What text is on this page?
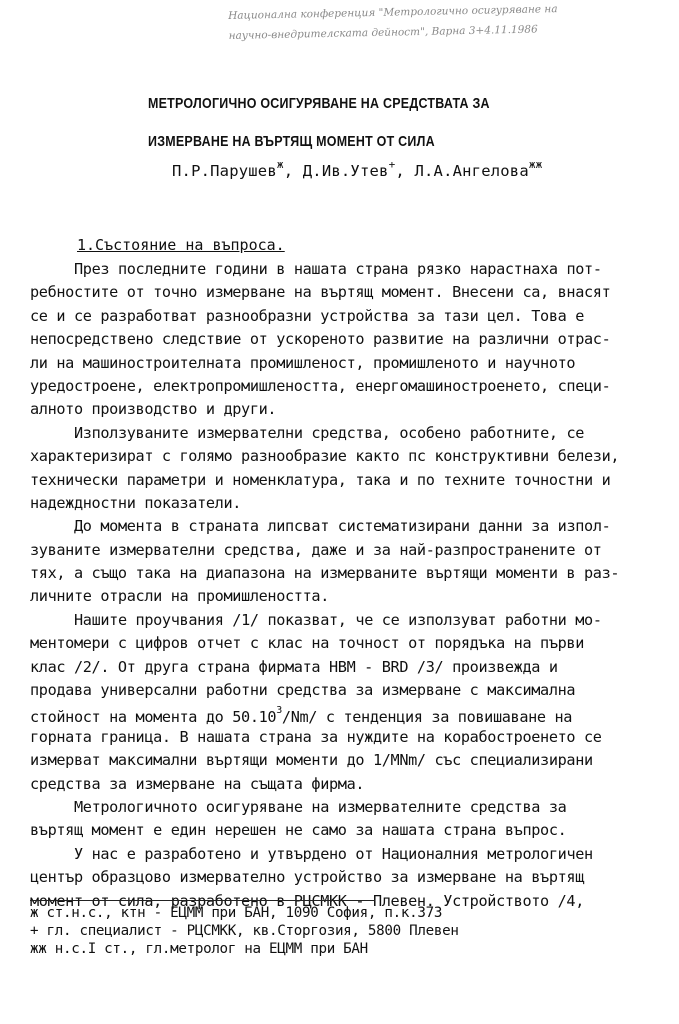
Национална конференция "Метрологично осигуряване на
научно-внедрителската дейност", Варна 3+4.11.1986
МЕТРОЛОГИЧНО ОСИГУРЯВАНЕ НА СРЕДСТВАТА ЗА
ИЗМЕРВАНЕ НА ВЪРТЯЩ МОМЕНТ ОТ СИЛА
П.Р.Парушев$^ж$, Д.Ив.Утев+, Л.А.Ангелова$^{жж}$
1.Състояние на въпроса.
През последните години в нашата страна рязко нарастнаха пот-
ребностите от точно измерване на въртящ момент. Внесени са, внасят
се и се разработват разнообразни устройства за тази цел. Това е
непосредствено следствие от ускореното развитие на различни отрас-
ли на машиностроителната промишленост, промишленото и научното
уредостроене, електропромишлеността, енергомашиностроенето, специ-
алното производство и други.
Използуваните измервателни средства, особено работните, се
характеризират с голямо разнообразие както пс конструктивни белези,
технически параметри и номенклатура, така и по техните точностни и
надеждностни показатели.
До момента в страната липсват систематизирани данни за изпол-
зуваните измервателни средства, даже и за най-разпространените от
тях, а също така на диапазона на измерваните въртящи моменти в раз-
личните отрасли на промишлеността.
Нашите проучвания /1/ показват, че се използуват работни мо-
ментомери с цифров отчет с клас на точност от порядъка на първи
клас /2/. От друга страна фирмата HBM - BRD /3/ произвежда и
продава универсални работни средства за измерване с максимална
стойност на момента до 50.10$^3$/Nm/ с тенденция за повишаване на
горната граница. В нашата страна за нуждите на корабостроенето се
измерват максимални въртящи моменти до 1/MNm/ със специализирани
средства за измерване на същата фирма.
Метрологичното осигуряване на измервателните средства за
въртящ момент е един нерешен не само за нашата страна въпрос.
У нас е разработено и утвърдено от Националния метрологичен
център образцово измервателно устройство за измерване на въртящ
момент от сила, разработено в РЦСМКК - Плевен. Устройството /4,
ж ст.н.с., ктн - ЕЦММ при БАН, 1090 София, п.к.373
+ гл. специалист - РЦСМКК, кв.Сторгозия, 5800 Плевен
жж н.с.I ст., гл.метролог на ЕЦММ при БАН
